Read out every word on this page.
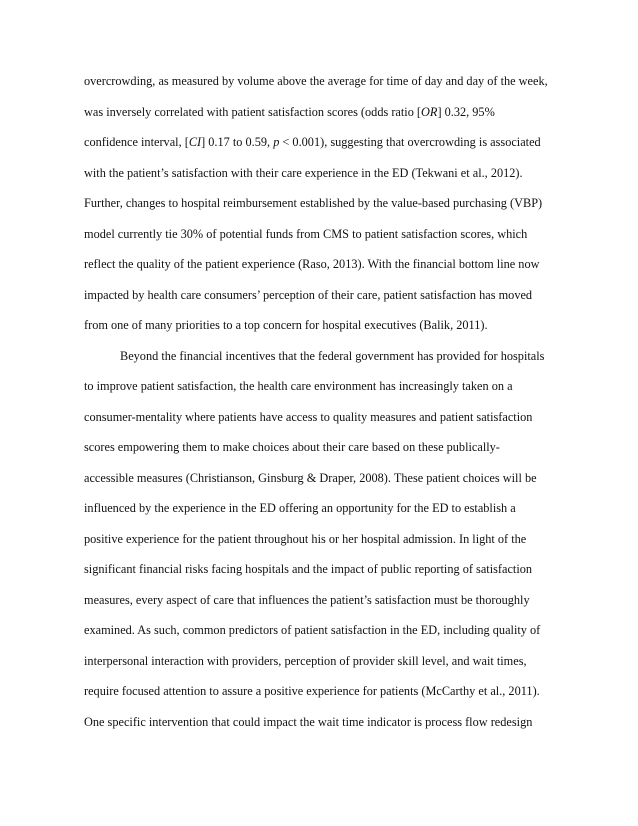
overcrowding, as measured by volume above the average for time of day and day of the week,
was inversely correlated with patient satisfaction scores (odds ratio [OR] 0.32, 95%
confidence interval, [CI] 0.17 to 0.59, p < 0.001), suggesting that overcrowding is associated
with the patient’s satisfaction with their care experience in the ED (Tekwani et al., 2012).
Further, changes to hospital reimbursement established by the value-based purchasing (VBP)
model currently tie 30% of potential funds from CMS to patient satisfaction scores, which
reflect the quality of the patient experience (Raso, 2013). With the financial bottom line now
impacted by health care consumers’ perception of their care, patient satisfaction has moved
from one of many priorities to a top concern for hospital executives (Balik, 2011).
Beyond the financial incentives that the federal government has provided for hospitals
to improve patient satisfaction, the health care environment has increasingly taken on a
consumer-mentality where patients have access to quality measures and patient satisfaction
scores empowering them to make choices about their care based on these publically-
accessible measures (Christianson, Ginsburg & Draper, 2008). These patient choices will be
influenced by the experience in the ED offering an opportunity for the ED to establish a
positive experience for the patient throughout his or her hospital admission. In light of the
significant financial risks facing hospitals and the impact of public reporting of satisfaction
measures, every aspect of care that influences the patient’s satisfaction must be thoroughly
examined. As such, common predictors of patient satisfaction in the ED, including quality of
interpersonal interaction with providers, perception of provider skill level, and wait times,
require focused attention to assure a positive experience for patients (McCarthy et al., 2011).
One specific intervention that could impact the wait time indicator is process flow redesign
